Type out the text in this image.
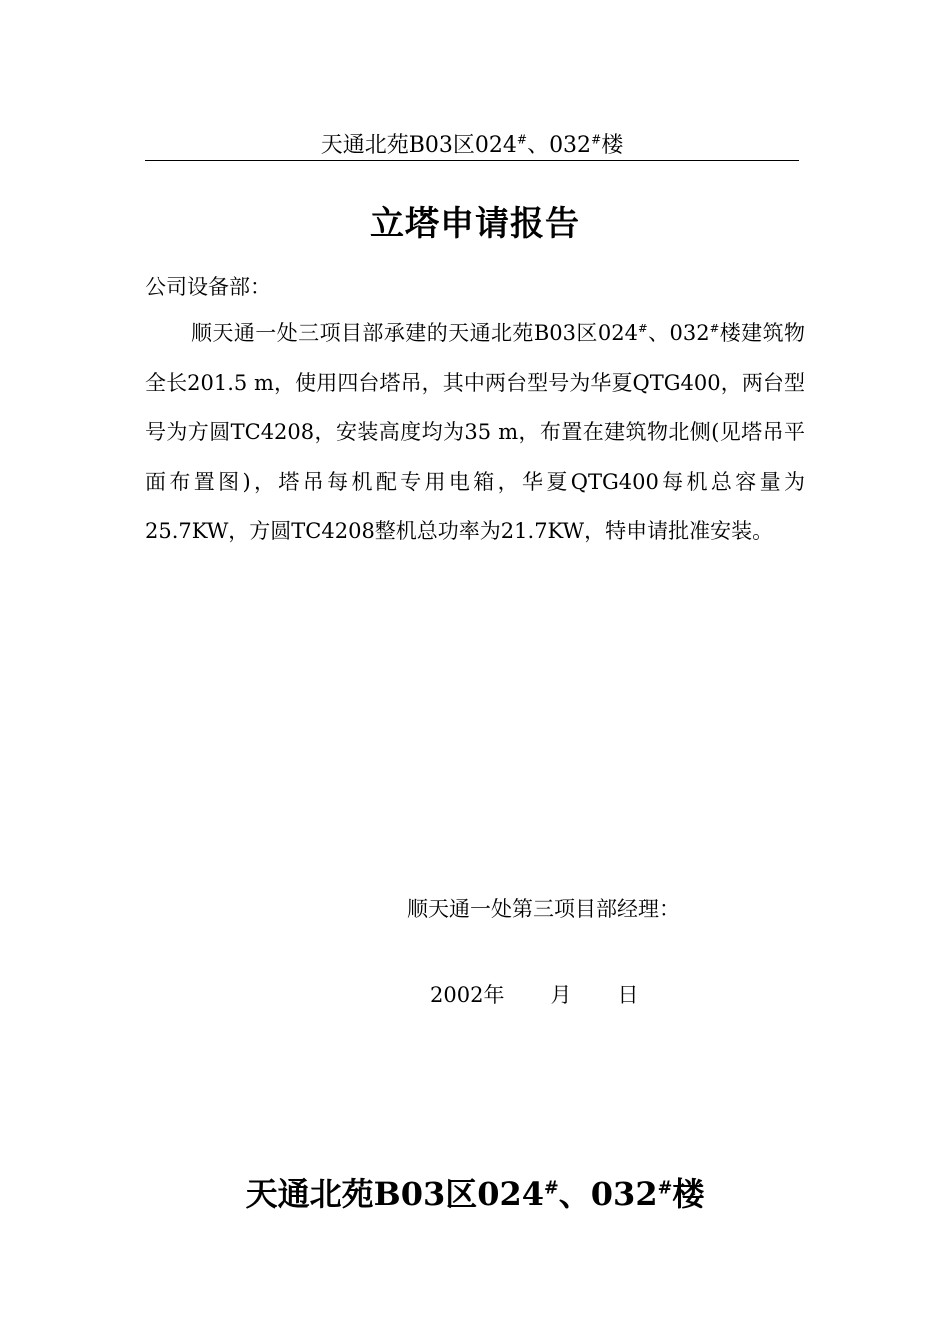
天通北苑B03区024#、032#楼
立塔申请报告
公司设备部：
顺天通一处三项目部承建的天通北苑B03区024#、032#楼建筑物全长201.5 m，使用四台塔吊，其中两台型号为华夏QTG400，两台型号为方圆TC4208，安装高度均为35 m，布置在建筑物北侧(见塔吊平面布置图)，塔吊每机配专用电箱，华夏QTG400每机总容量为25.7KW，方圆TC4208整机总功率为21.7KW，特申请批准安装。
顺天通一处第三项目部经理：
2002年 月 日
天通北苑B03区024#、032#楼
